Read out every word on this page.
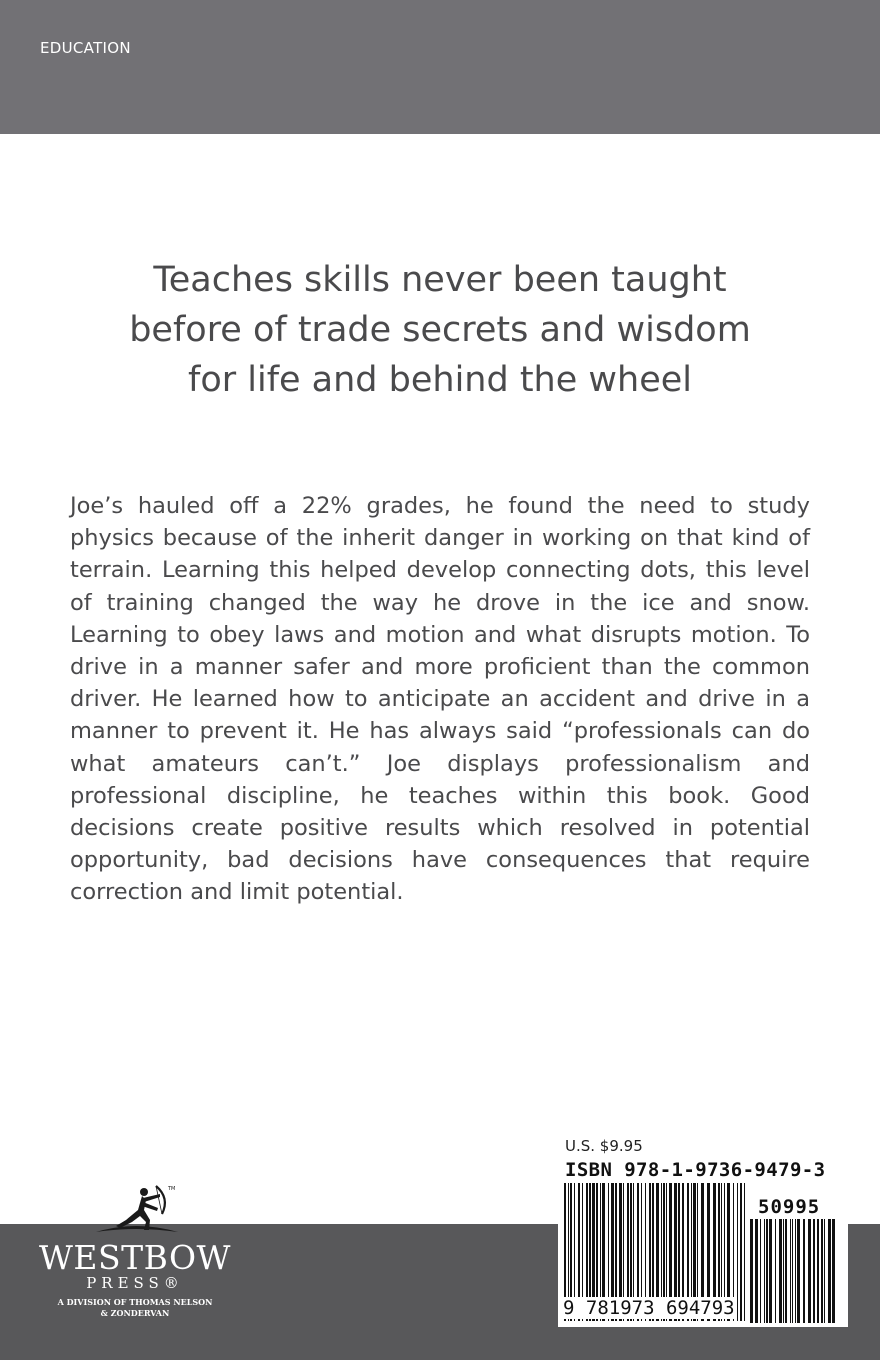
EDUCATION
Teaches skills never been taught
before of trade secrets and wisdom
for life and behind the wheel
Joe’s hauled off a 22% grades, he found the need to study physics because of the inherit danger in working on that kind of terrain. Learning this helped develop connecting dots, this level of training changed the way he drove in the ice and snow. Learning to obey laws and motion and what disrupts motion. To drive in a manner safer and more proficient than the common driver. He learned how to anticipate an accident and drive in a manner to prevent it. He has always said “professionals can do what amateurs can’t.” Joe displays professionalism and professional discipline, he teaches within this book. Good decisions create positive results which resolved in potential opportunity, bad decisions have consequences that require correction and limit potential.
TM
WESTBOW
PRESS®
A DIVISION OF THOMAS NELSON
& ZONDERVAN
U.S. $9.95
ISBN 978-1-9736-9479-3
50995
9 781973 694793
